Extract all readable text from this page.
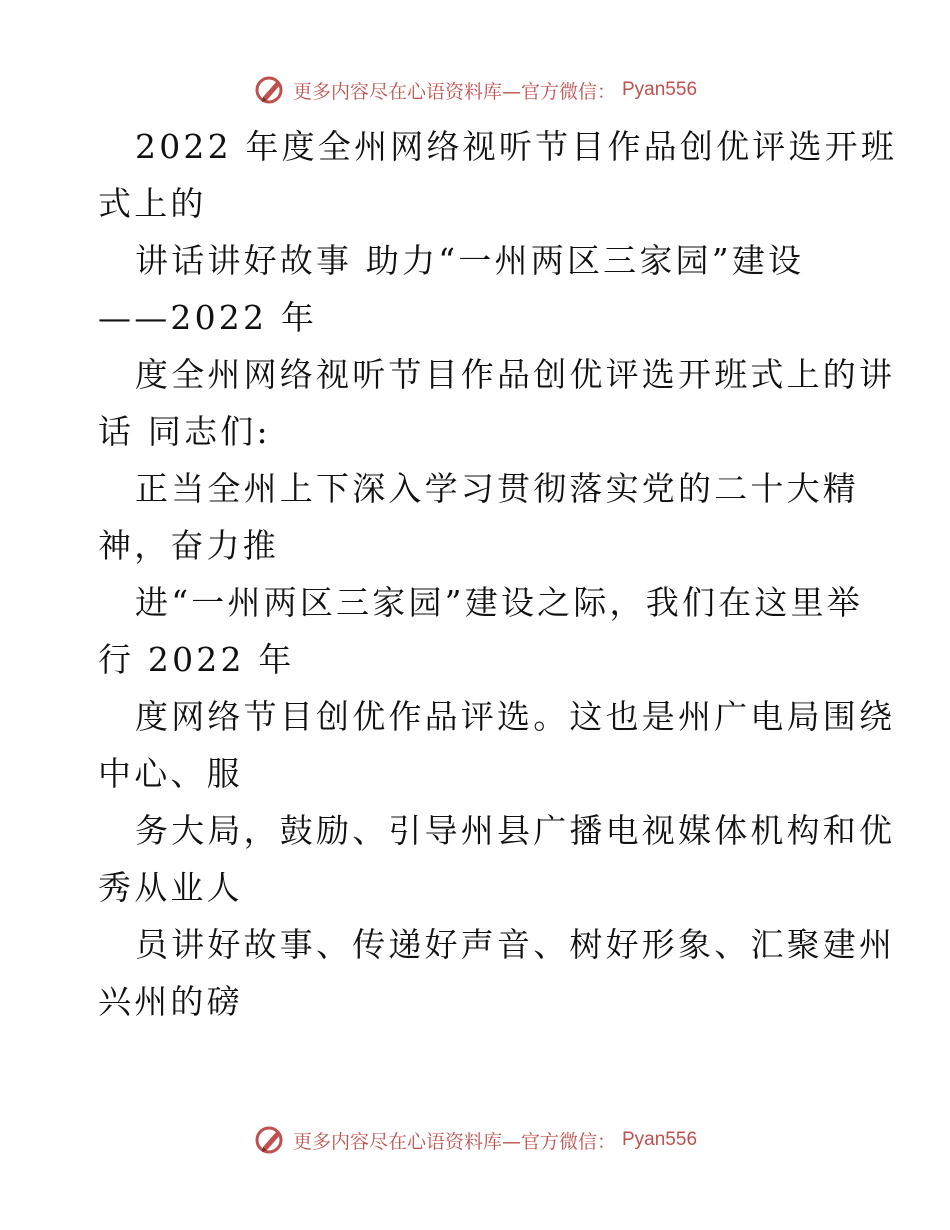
更多内容尽在心语资料库—官方微信： Pyan556
2022 年度全州网络视听节目作品创优评选开班
式上的
讲话讲好故事 助力“一州两区三家园”建设
——2022 年
度全州网络视听节目作品创优评选开班式上的讲
话 同志们:
正当全州上下深入学习贯彻落实党的二十大精
神，奋力推
进“一州两区三家园”建设之际，我们在这里举
行 2022 年
度网络节目创优作品评选。这也是州广电局围绕
中心、服
务大局，鼓励、引导州县广播电视媒体机构和优
秀从业人
员讲好故事、传递好声音、树好形象、汇聚建州
兴州的磅
更多内容尽在心语资料库—官方微信： Pyan556
